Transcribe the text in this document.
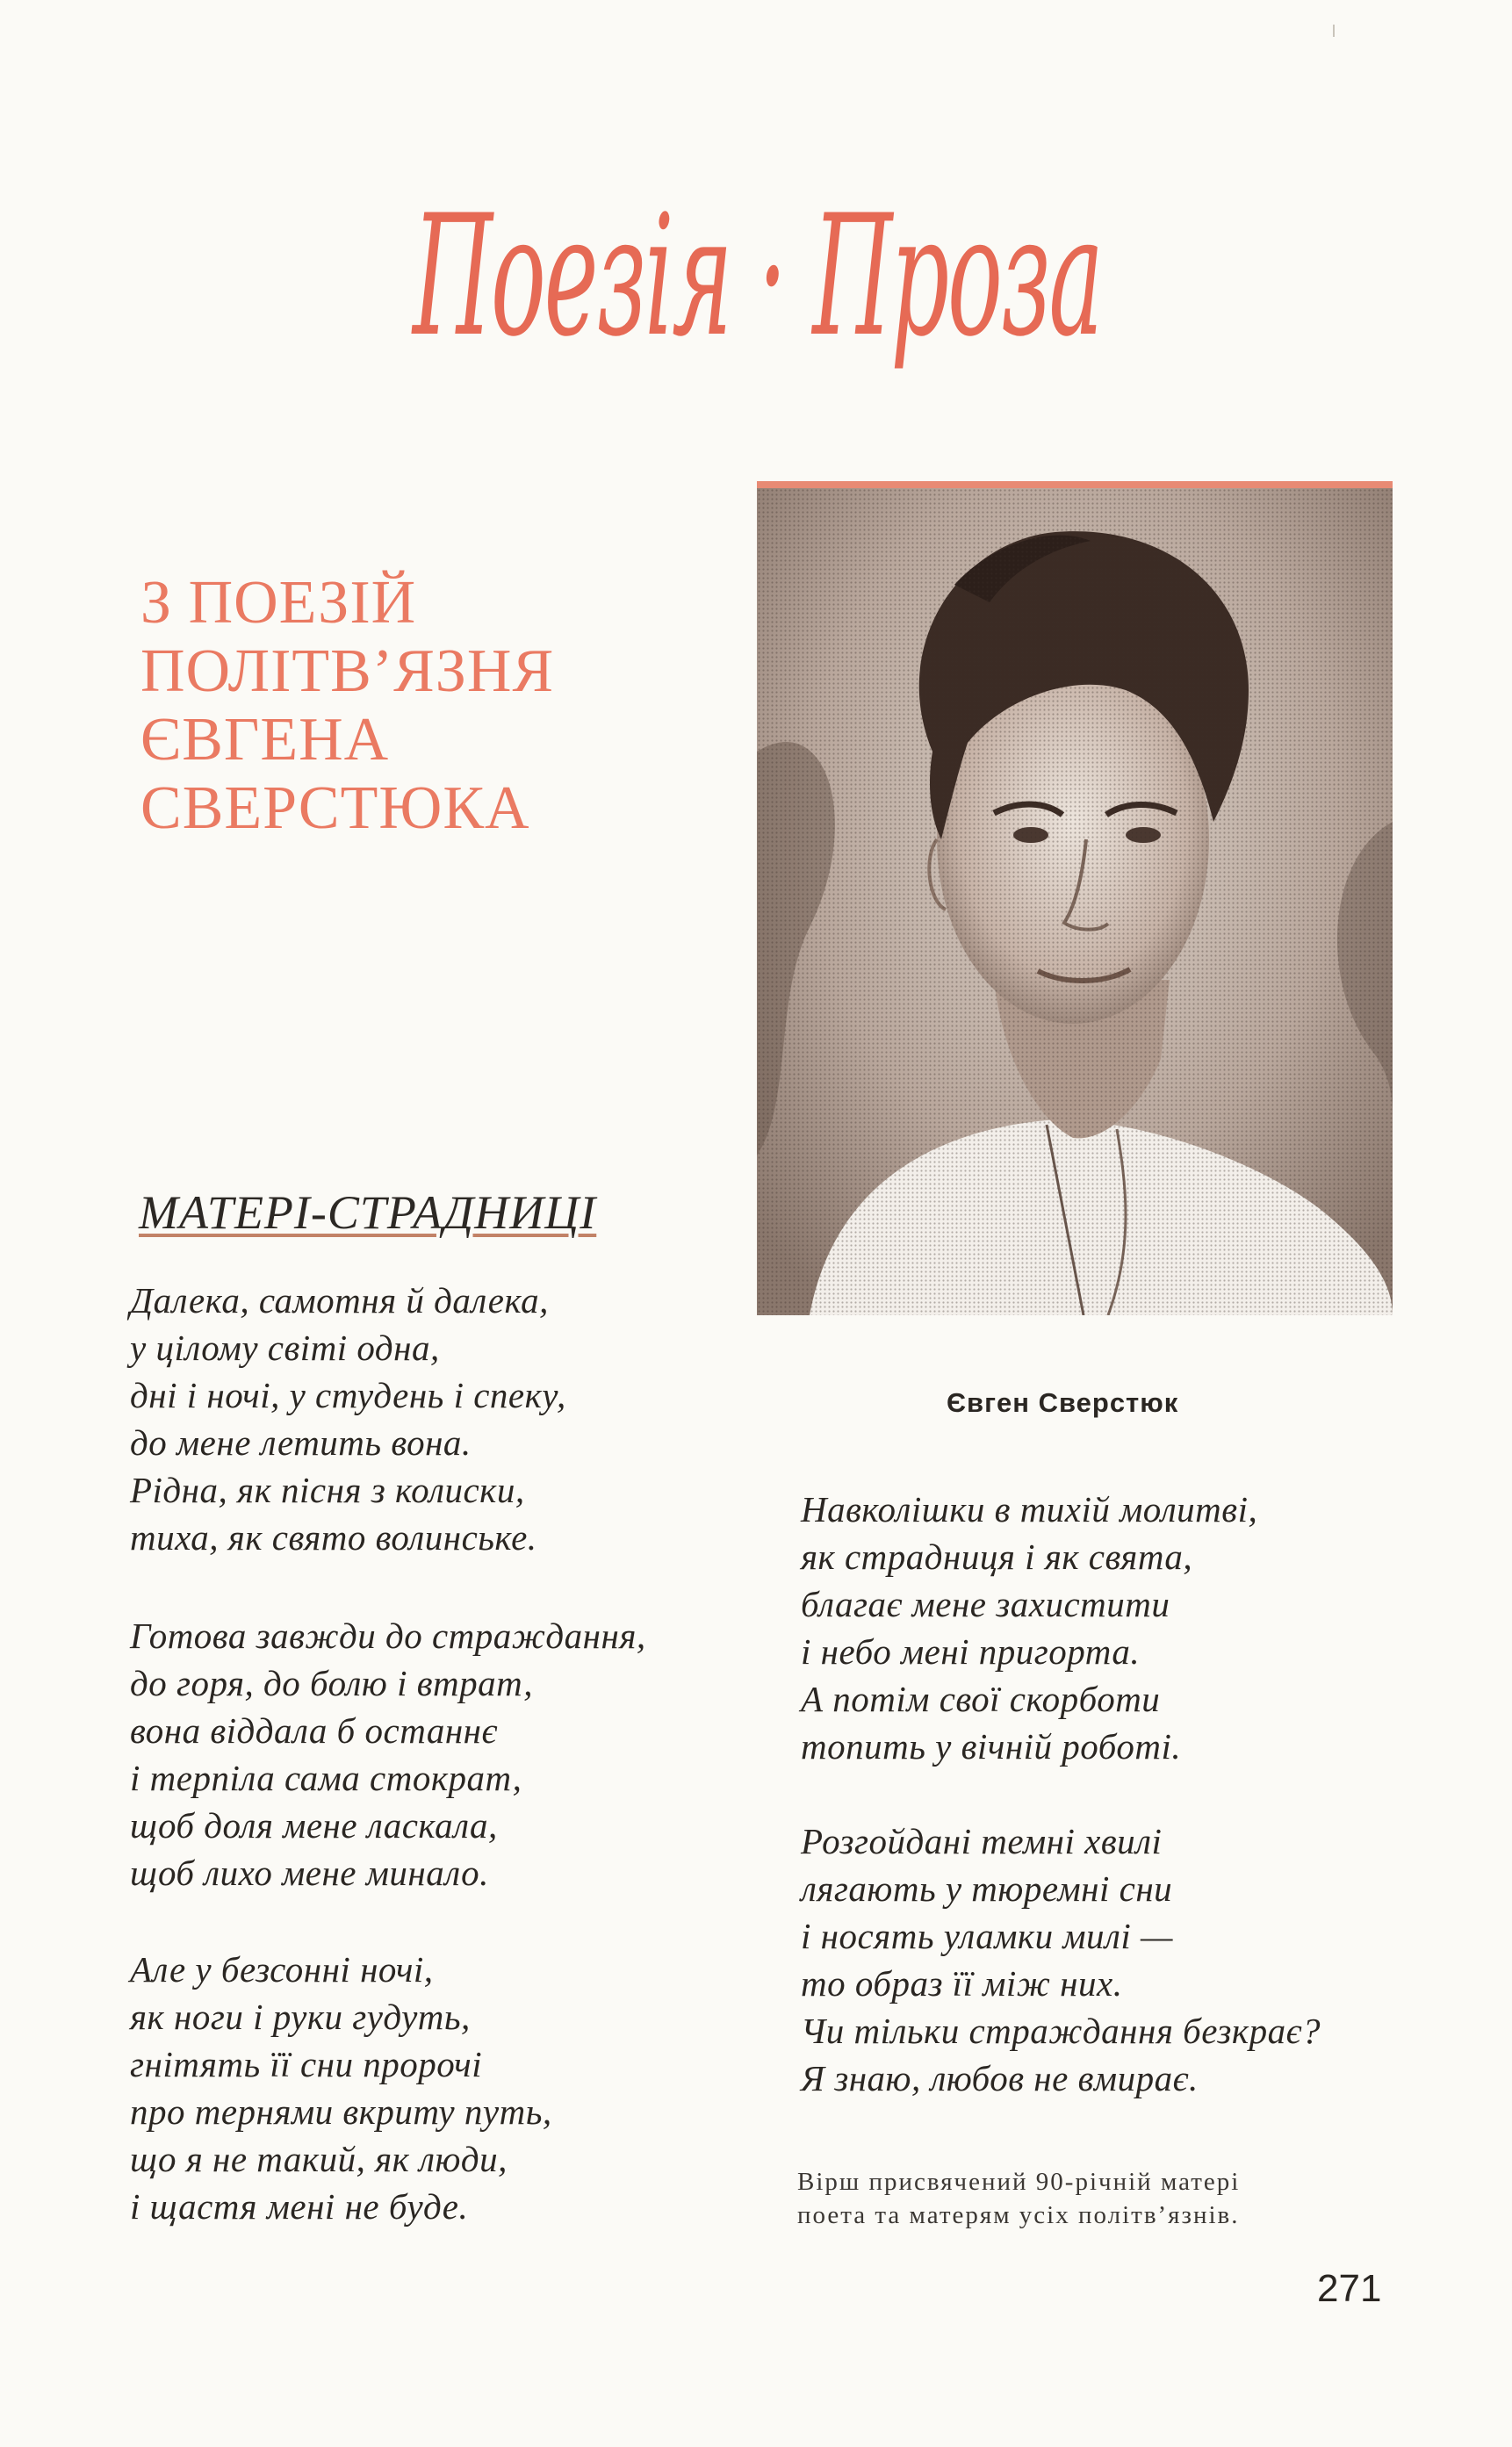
Поезія · Проза
З ПОЕЗІЙ
ПОЛІТВ’ЯЗНЯ
ЄВГЕНА
СВЕРСТЮКА
Євген Сверстюк
МАТЕРІ-СТРАДНИЦІ
Далека, самотня й далека,
у цілому світі одна,
дні і ночі, у студень і спеку,
до мене летить вона.
Рідна, як пісня з колиски,
тиха, як свято волинське.
Готова завжди до страждання,
до горя, до болю і втрат,
вона віддала б останнє
і терпіла сама стократ,
щоб доля мене ласкала,
щоб лихо мене минало.
Але у безсонні ночі,
як ноги і руки гудуть,
гнітять її сни пророчі
про тернями вкриту путь,
що я не такий, як люди,
і щастя мені не буде.
Навколішки в тихій молитві,
як страдниця і як свята,
благає мене захистити
і небо мені пригорта.
А потім свої скорботи
топить у вічній роботі.
Розгойдані темні хвилі
лягають у тюремні сни
і носять уламки милі —
то образ її між них.
Чи тільки страждання безкрає?
Я знаю, любов не вмирає.
Вірш присвячений 90-річній матері
поета та матерям усіх політв’язнів.
271
